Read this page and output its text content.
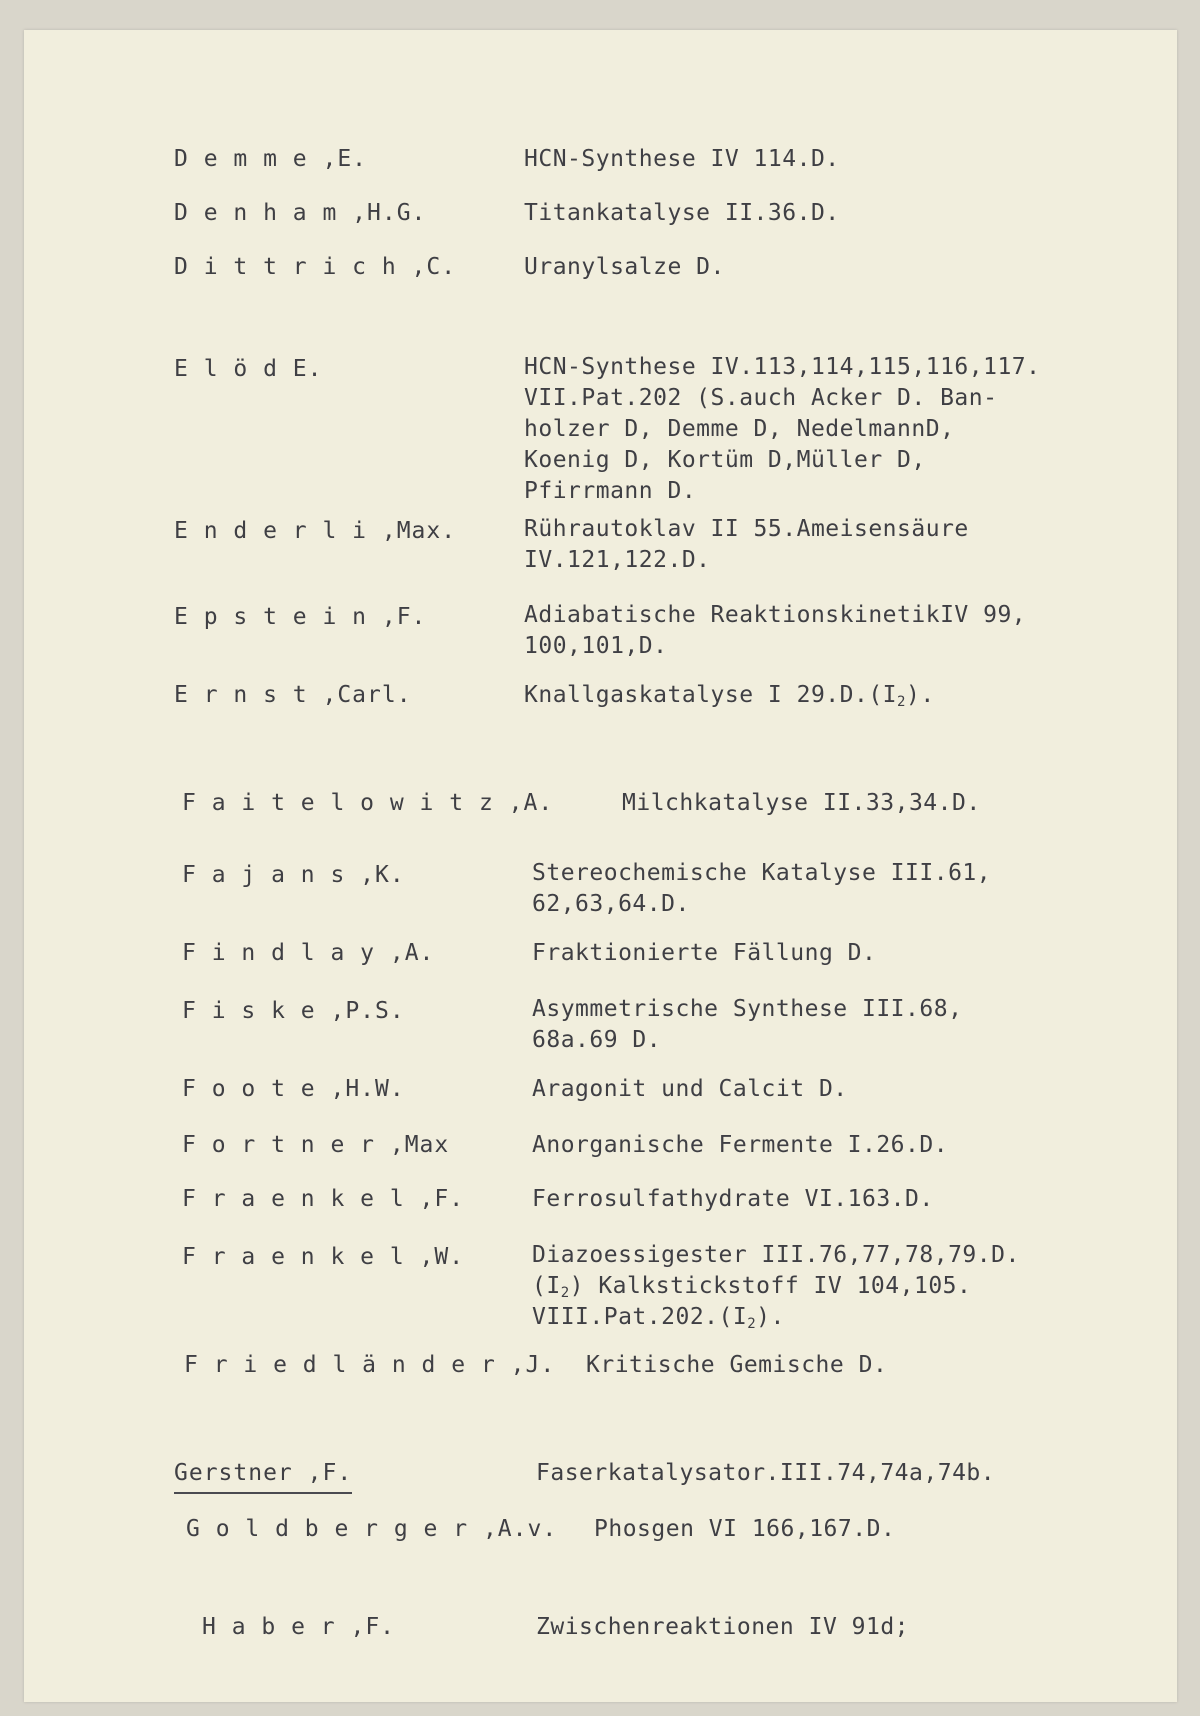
D e m m e ,E.	HCN-Synthese IV 114.D.
D e n h a m ,H.G.	Titankatalyse II.36.D.
D i t t r i c h ,C.	Uranylsalze D.
E l ö d E.	HCN-Synthese IV.113,114,115,116,117.
VII.Pat.202 (S.auch Acker D. Ban-
holzer D, Demme D, NedelmannD,
Koenig D, Kortüm D,Müller D,
Pfirrmann D.
E n d e r l i ,Max.	Rührautoklav II 55.Ameisensäure
IV.121,122.D.
E p s t e i n ,F.	Adiabatische ReaktionskinetikIV 99,
100,101,D.
E r n s t ,Carl.	Knallgaskatalyse I $29.D.(I_2)$.
F a i t e l o w i t z ,A.	Milchkatalyse II.33,34.D.
F a j a n s ,K.	Stereochemische Katalyse III.61,
62,63,64.D.
F i n d l a y ,A.	Fraktionierte Fällung D.
F i s k e ,P.S.	Asymmetrische Synthese III.68,
68a.69 D.
F o o t e ,H.W.	Aragonit und Calcit D.
F o r t n e r ,Max	Anorganische Fermente I.26.D.
F r a e n k e l ,F.	Ferrosulfathydrate VI.163.D.
F r a e n k e l ,W.	Diazoessigester III.76,77,78,79.D.
$(I_2)$ Kalkstickstoff IV 104,105.
$VIII.Pat.202.(I_2)$.
F r i e d l ä n d e r ,J. Kritische Gemische D.
Gerstner ,F.	Faserkatalysator.III.74,74a,74b.
G o l d b e r g e r ,A.v. Phosgen VI 166,167.D.
H a b e r ,F.	Zwischenreaktionen IV 91d;
